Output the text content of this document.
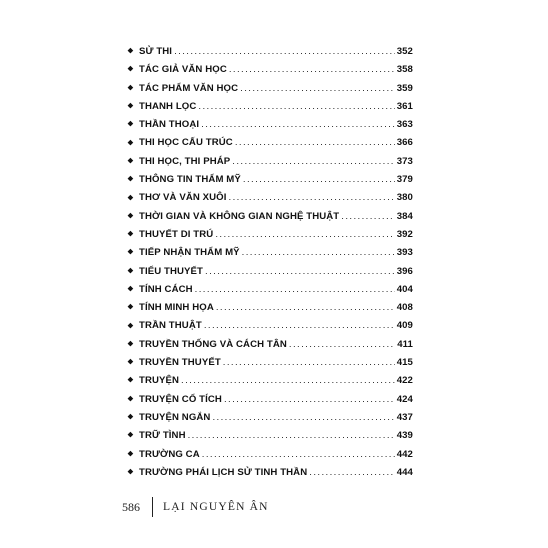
SỬ THI .....	352
TÁC GIẢ VĂN HỌC .....	358
TÁC PHẨM VĂN HỌC .....	359
THANH LỌC .....	361
THẦN THOẠI .....	363
THI HỌC CẤU TRÚC .....	366
THI HỌC, THI PHÁP .....	373
THÔNG TIN THẨM MỸ .....	379
THƠ VÀ VĂN XUÔI .....	380
THỜI GIAN VÀ KHÔNG GIAN NGHỆ THUẬT .....	384
THUYẾT DI TRÚ .....	392
TIẾP NHẬN THẨM MỸ .....	393
TIỂU THUYẾT .....	396
TÍNH CÁCH .....	404
TÍNH MINH HỌA .....	408
TRẦN THUẬT .....	409
TRUYỀN THỐNG VÀ CÁCH TÂN .....	411
TRUYỀN THUYẾT .....	415
TRUYỆN .....	422
TRUYỆN CỔ TÍCH .....	424
TRUYỆN NGẮN .....	437
TRỮ TÌNH .....	439
TRƯỜNG CA .....	442
TRƯỜNG PHÁI LỊCH SỬ TINH THẦN .....	444
586 LẠI NGUYÊN ÂN
